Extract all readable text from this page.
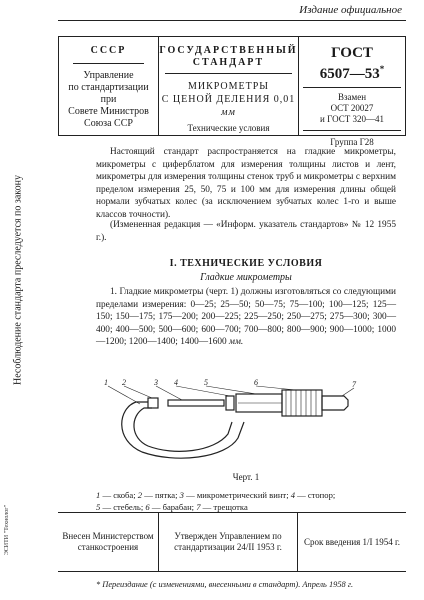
Издание официальное
Несоблюдение стандарта преследуется по закону
ЭСИТИ "Технолог"
СССР
Управление
по стандартизации
при
Совете Министров
Союза ССР
ГОСУДАРСТВЕННЫЙ
СТАНДАРТ
МИКРОМЕТРЫ
С ЦЕНОЙ ДЕЛЕНИЯ 0,01 мм
Технические условия
ГОСТ
6507—53*
Взамен
ОСТ 20027
и ГОСТ 320—41
Группа Г28
Настоящий стандарт распространяется на гладкие микрометры, микрометры с циферблатом для измерения толщины листов и лент, микрометры для измерения толщины стенок труб и микрометры с верхним пределом измерения 25, 50, 75 и 100 мм для измерения длины общей нормали зубчатых колес (за исключением зубчатых колес 1-го и выше классов точности).
(Измененная редакция — «Информ. указатель стандартов» № 12 1955 г.).
I. ТЕХНИЧЕСКИЕ УСЛОВИЯ
Гладкие микрометры
1. Гладкие микрометры (черт. 1) должны изготовляться со следующими пределами измерения: 0—25; 25—50; 50—75; 75—100; 100—125; 125—150; 150—175; 175—200; 200—225; 225—250; 250—275; 275—300; 300—400; 400—500; 500—600; 600—700; 700—800; 800—900; 900—1000; 1000—1200; 1200—1400; 1400—1600 мм.
1 2	3 4	5	6	7
Черт. 1
1 — скоба; 2 — пятка; 3 — микрометрический винт; 4 — стопор;
5 — стебель; 6 — барабан; 7 — трещотка
Внесен Министерством станкостроения
Утвержден Управлением по стандартизации 24/II 1953 г.
Срок введения 1/I 1954 г.
* Переиздание (с изменениями, внесенными в стандарт). Апрель 1958 г.
